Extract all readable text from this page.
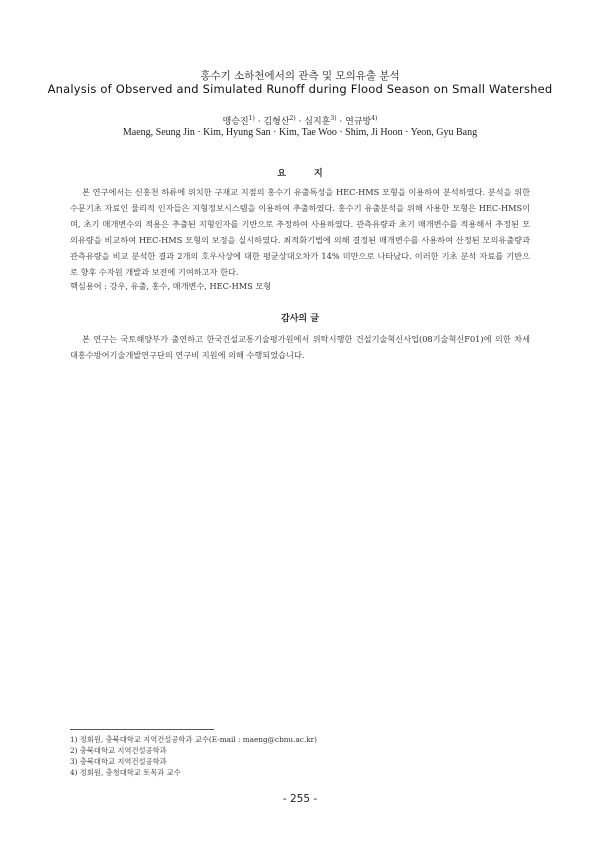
홍수기 소하천에서의 관측 및 모의유출 분석
Analysis of Observed and Simulated Runoff during Flood Season on Small Watershed
맹승진$^{1)}$ · 김형산$^{2)}$ · 심지훈$^{3)}$ · 연규방$^{4)}$
Maeng, Seung Jin · Kim, Hyung San · Kim, Tae Woo · Shim, Ji Hoon · Yeon, Gyu Bang
요지

본 연구에서는 신홍천 하류에 위치한 구재교 지점의 홍수기 유출특성을 HEC-HMS 모형을 이용하여 분석하였다. 분석을 위한 수문기초 자료인 물리적 인자들은 지형정보시스템을 이용하여 추출하였다. 홍수기 유출분석을 위해 사용한 모형은 HEC-HMS이며, 초기 매개변수의 적용은 추출된 지형인자를 기반으로 추정하여 사용하였다. 관측유량과 초기 매개변수를 적용해서 추정된 모의유량을 비교하여 HEC-HMS 모형의 보정을 실시하였다. 최적화기법에 의해 결정된 매개변수를 사용하여 산정된 모의유출량과 관측유량을 비교 분석한 결과 2개의 호우사상에 대한 평균상대오차가 14% 미만으로 나타났다. 이러한 기초 분석 자료를 기반으로 향후 수자원 개발과 보전에 기여하고자 한다.

핵심용어 : 강우, 유출, 홍수, 매개변수, HEC-HMS 모형

감사의 글

본 연구는 국토해양부가 출연하고 한국건설교통기술평가원에서 위탁시행한 건설기술혁신사업(08기술혁신F01)에 의한 차세대홍수방어기술개발연구단의 연구비 지원에 의해 수행되었습니다.

1) 정회원, 충북대학교 지역건설공학과 교수(E-mail : maeng@cbnu.ac.kr)
2) 충북대학교 지역건설공학과
3) 충북대학교 지역건설공학과
4) 정회원, 충청대학교 토목과 교수
- 255 -
